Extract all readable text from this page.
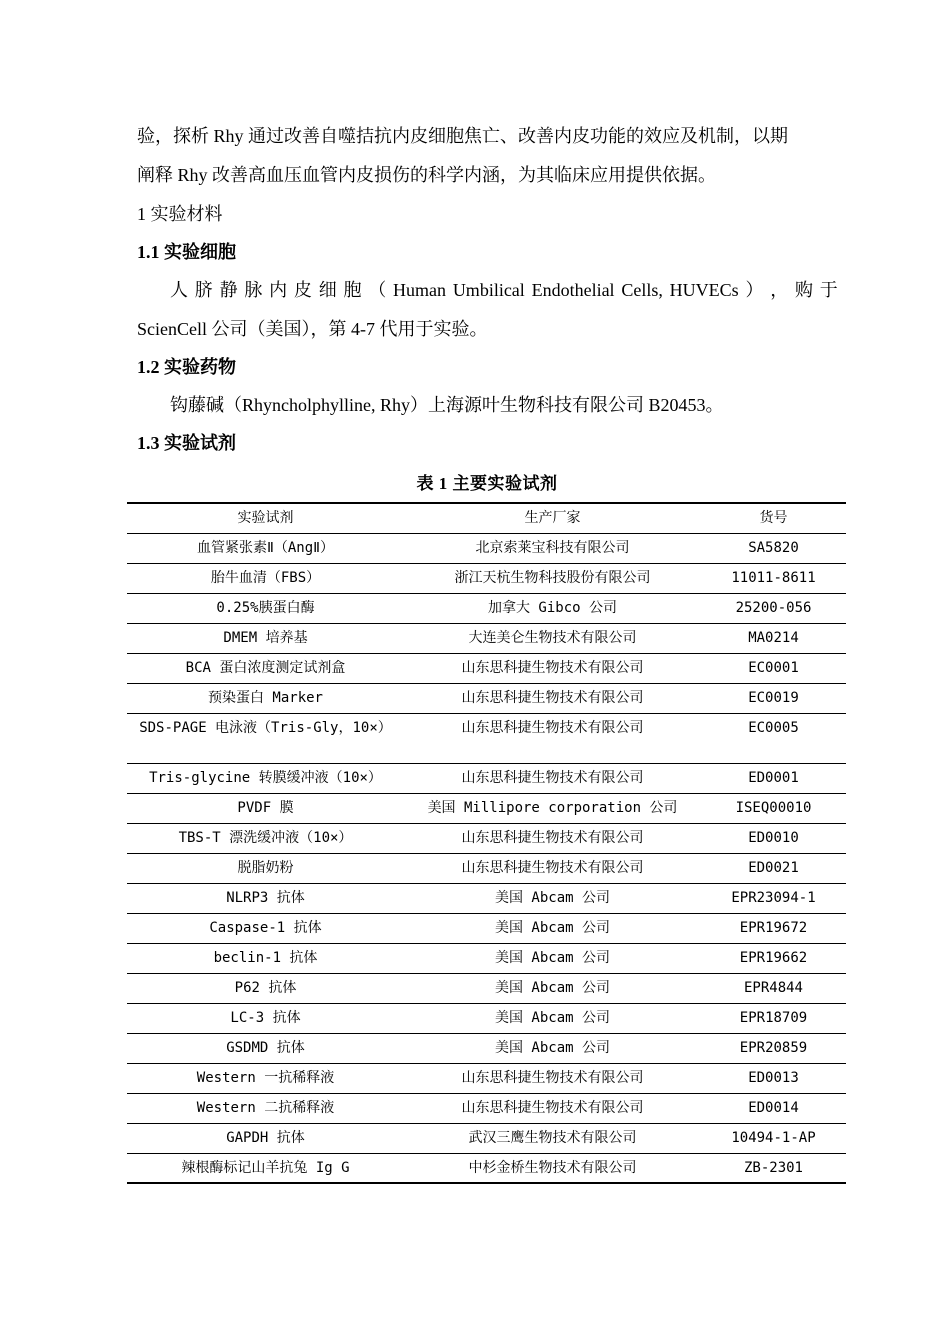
验，探析 Rhy 通过改善自噬拮抗内皮细胞焦亡、改善内皮功能的效应及机制，以期
阐释 Rhy 改善高血压血管内皮损伤的科学内涵，为其临床应用提供依据。
1 实验材料
1.1 实验细胞
人 脐 静 脉 内 皮 细 胞 （ Human Umbilical Endothelial Cells, HUVECs ） ， 购 于
ScienCell 公司（美国），第 4-7 代用于实验。
1.2 实验药物
钩藤碱（Rhyncholphylline, Rhy）上海源叶生物科技有限公司 B20453。
1.3 实验试剂
表 1 主要实验试剂
实验试剂	生产厂家	货号
血管紧张素Ⅱ（AngⅡ）	北京索莱宝科技有限公司	SA5820
胎牛血清（FBS）	浙江天杭生物科技股份有限公司	11011-8611
0.25%胰蛋白酶	加拿大 Gibco 公司	25200-056
DMEM 培养基	大连美仑生物技术有限公司	MA0214
BCA 蛋白浓度测定试剂盒	山东思科捷生物技术有限公司	EC0001
预染蛋白 Marker	山东思科捷生物技术有限公司	EC0019
SDS-PAGE 电泳液（Tris-Gly，10×）	山东思科捷生物技术有限公司	EC0005
Tris-glycine 转膜缓冲液（10×）	山东思科捷生物技术有限公司	ED0001
PVDF 膜	美国 Millipore corporation 公司	ISEQ00010
TBS-T 漂洗缓冲液（10×）	山东思科捷生物技术有限公司	ED0010
脱脂奶粉	山东思科捷生物技术有限公司	ED0021
NLRP3 抗体	美国 Abcam 公司	EPR23094-1
Caspase-1 抗体	美国 Abcam 公司	EPR19672
beclin-1 抗体	美国 Abcam 公司	EPR19662
P62 抗体	美国 Abcam 公司	EPR4844
LC-3 抗体	美国 Abcam 公司	EPR18709
GSDMD 抗体	美国 Abcam 公司	EPR20859
Western 一抗稀释液	山东思科捷生物技术有限公司	ED0013
Western 二抗稀释液	山东思科捷生物技术有限公司	ED0014
GAPDH 抗体	武汉三鹰生物技术有限公司	10494-1-AP
辣根酶标记山羊抗兔 Ig G	中杉金桥生物技术有限公司	ZB-2301
